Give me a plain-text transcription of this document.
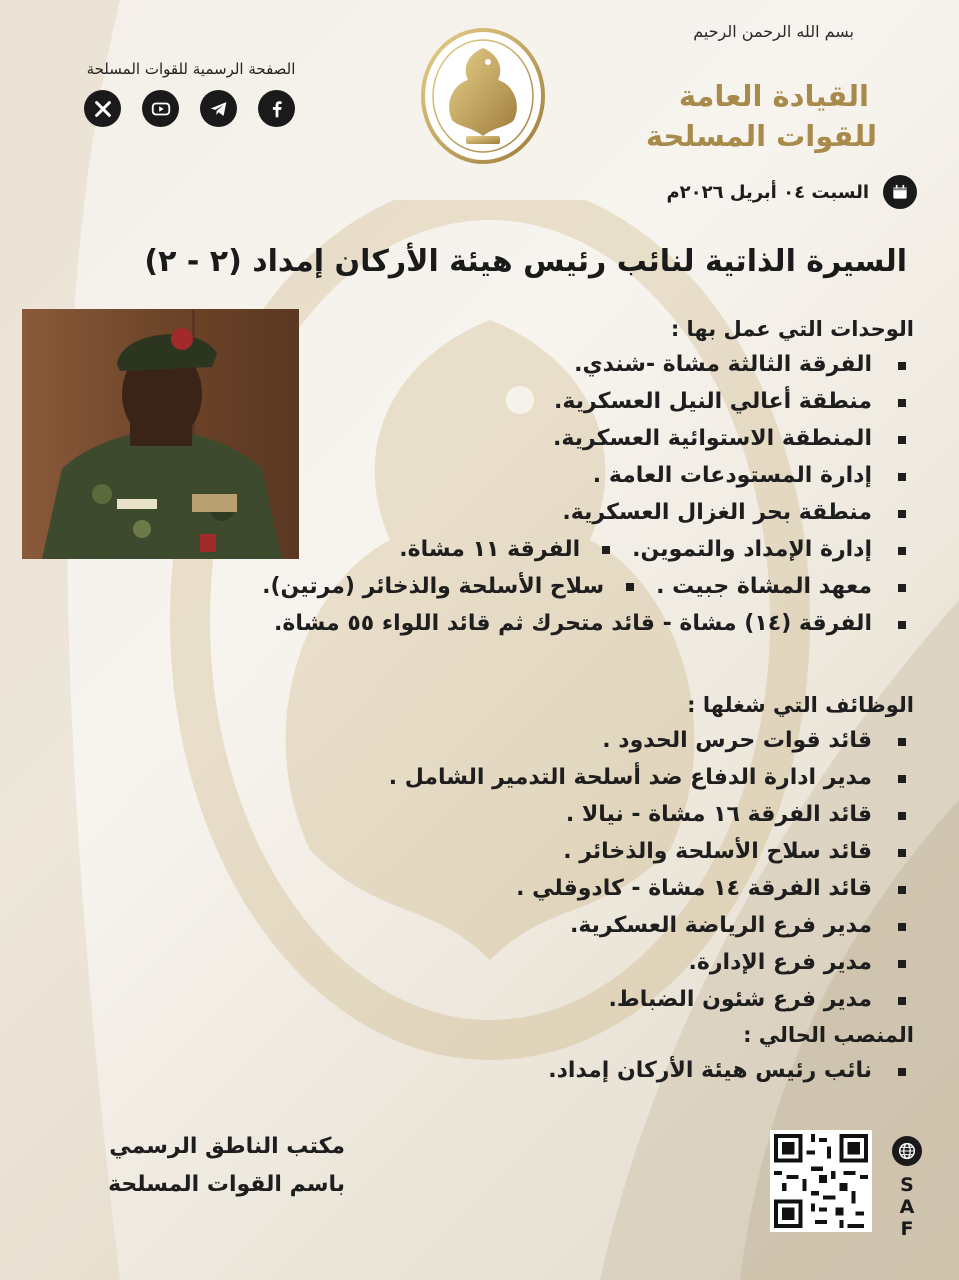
بسم الله الرحمن الرحيم
القيادة العامة
للقوات المسلحة
الصفحة الرسمية للقوات المسلحة
السبت ٠٤ أبريل ٢٠٢٦م
السيرة الذاتية لنائب رئيس هيئة الأركان إمداد (٢ - ٢)
الوحدات التي عمل بها :
الفرقة الثالثة مشاة -شندي.
منطقة أعالي النيل العسكرية.
المنطقة الاستوائية العسكرية.
إدارة المستودعات العامة .
منطقة بحر الغزال العسكرية.
إدارة الإمداد والتموين.الفرقة ١١ مشاة.
معهد المشاة جبيت .سلاح الأسلحة والذخائر (مرتين).
الفرقة (١٤) مشاة - قائد متحرك ثم قائد اللواء ٥٥ مشاة.
الوظائف التي شغلها :
قائد قوات حرس الحدود .
مدير ادارة الدفاع ضد أسلحة التدمير الشامل .
قائد الفرقة ١٦ مشاة - نيالا .
قائد سلاح الأسلحة والذخائر .
قائد الفرقة ١٤ مشاة - كادوقلي .
مدير فرع الرياضة العسكرية.
مدير فرع الإدارة.
مدير فرع شئون الضباط.
المنصب الحالي :
نائب رئيس هيئة الأركان إمداد.
مكتب الناطق الرسمي
باسم القوات المسلحة	S
A
F
